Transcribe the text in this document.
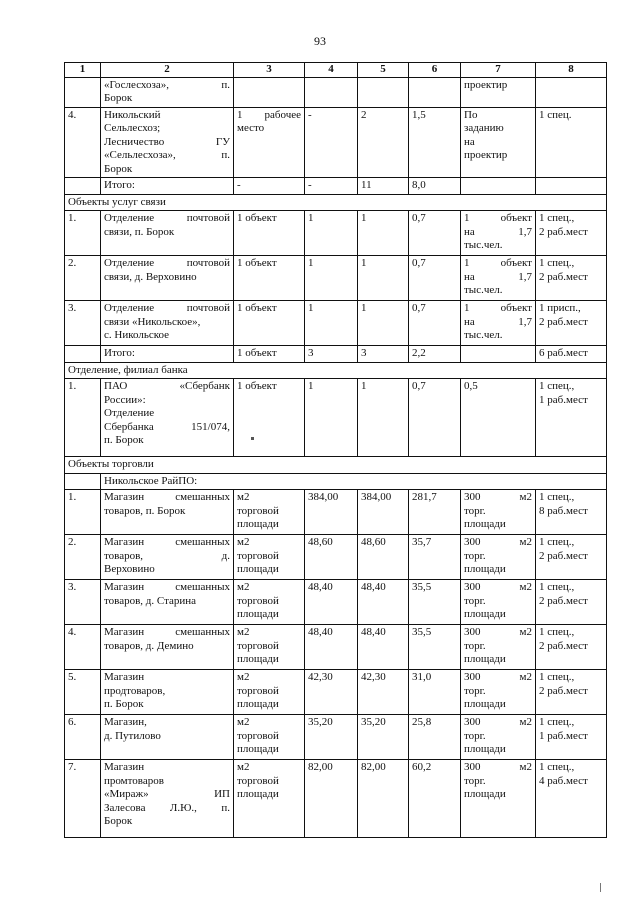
93
1	2	3	4	5	6	7	8

	«Гослесхоза», п.
Борок					проектир	

4.	Никольский
Сельлесхоз;
Лесничество ГУ
«Сельлесхоза», п.
Борок	1 рабочее
место	-	2	1,5	По
заданию
на
проектир	1 спец.

	Итого:	-	-	11	8,0	

Объекты услуг связи							
1.	Отделение почтовой
связи, п. Борок	1 объект	1	1	0,7	1 объект
на 1,7
тыс.чел.	1 спец.,
2 раб.мест

2.	Отделение почтовой
связи, д. Верховино	1 объект	1	1	0,7	1 объект
на 1,7
тыс.чел.	1 спец.,
2 раб.мест

3.	Отделение почтовой
связи «Никольское»,
с. Никольское	1 объект	1	1	0,7	1 объект
на 1,7
тыс.чел.	1 присп.,
2 раб.мест

	Итого:	1 объект	3	3	2,2		6 раб.мест

Отделение, филиал банка							
1.	ПАО «Сбербанк
России»:
Отделение
Сбербанка 151/074,
п. Борок	1 объект	1	1	0,7	0,5	1 спец.,
1 раб.мест

Объекты торговли							
	Никольское РайПО:						
1.	Магазин смешанных
товаров, п. Борок	м2
торговой
площади	384,00	384,00	281,7	300 м2
торг.
площади	1 спец.,
8 раб.мест

2.	Магазин смешанных
товаров, д.
Верховино	м2
торговой
площади	48,60	48,60	35,7	300 м2
торг.
площади	1 спец.,
2 раб.мест

3.	Магазин смешанных
товаров, д. Старина	м2
торговой
площади	48,40	48,40	35,5	300 м2
торг.
площади	1 спец.,
2 раб.мест

4.	Магазин смешанных
товаров, д. Демино	м2
торговой
площади	48,40	48,40	35,5	300 м2
торг.
площади	1 спец.,
2 раб.мест

5.	Магазин
продтоваров,
п. Борок	м2
торговой
площади	42,30	42,30	31,0	300 м2
торг.
площади	1 спец.,
2 раб.мест

6.	Магазин,
д. Путилово	м2
торговой
площади	35,20	35,20	25,8	300 м2
торг.
площади	1 спец.,
1 раб.мест

7.	Магазин
промтоваров
«Мираж» ИП
Залесова Л.Ю., п.
Борок	м2
торговой
площади	82,00	82,00	60,2	300 м2
торг.
площади	1 спец.,
4 раб.мест
